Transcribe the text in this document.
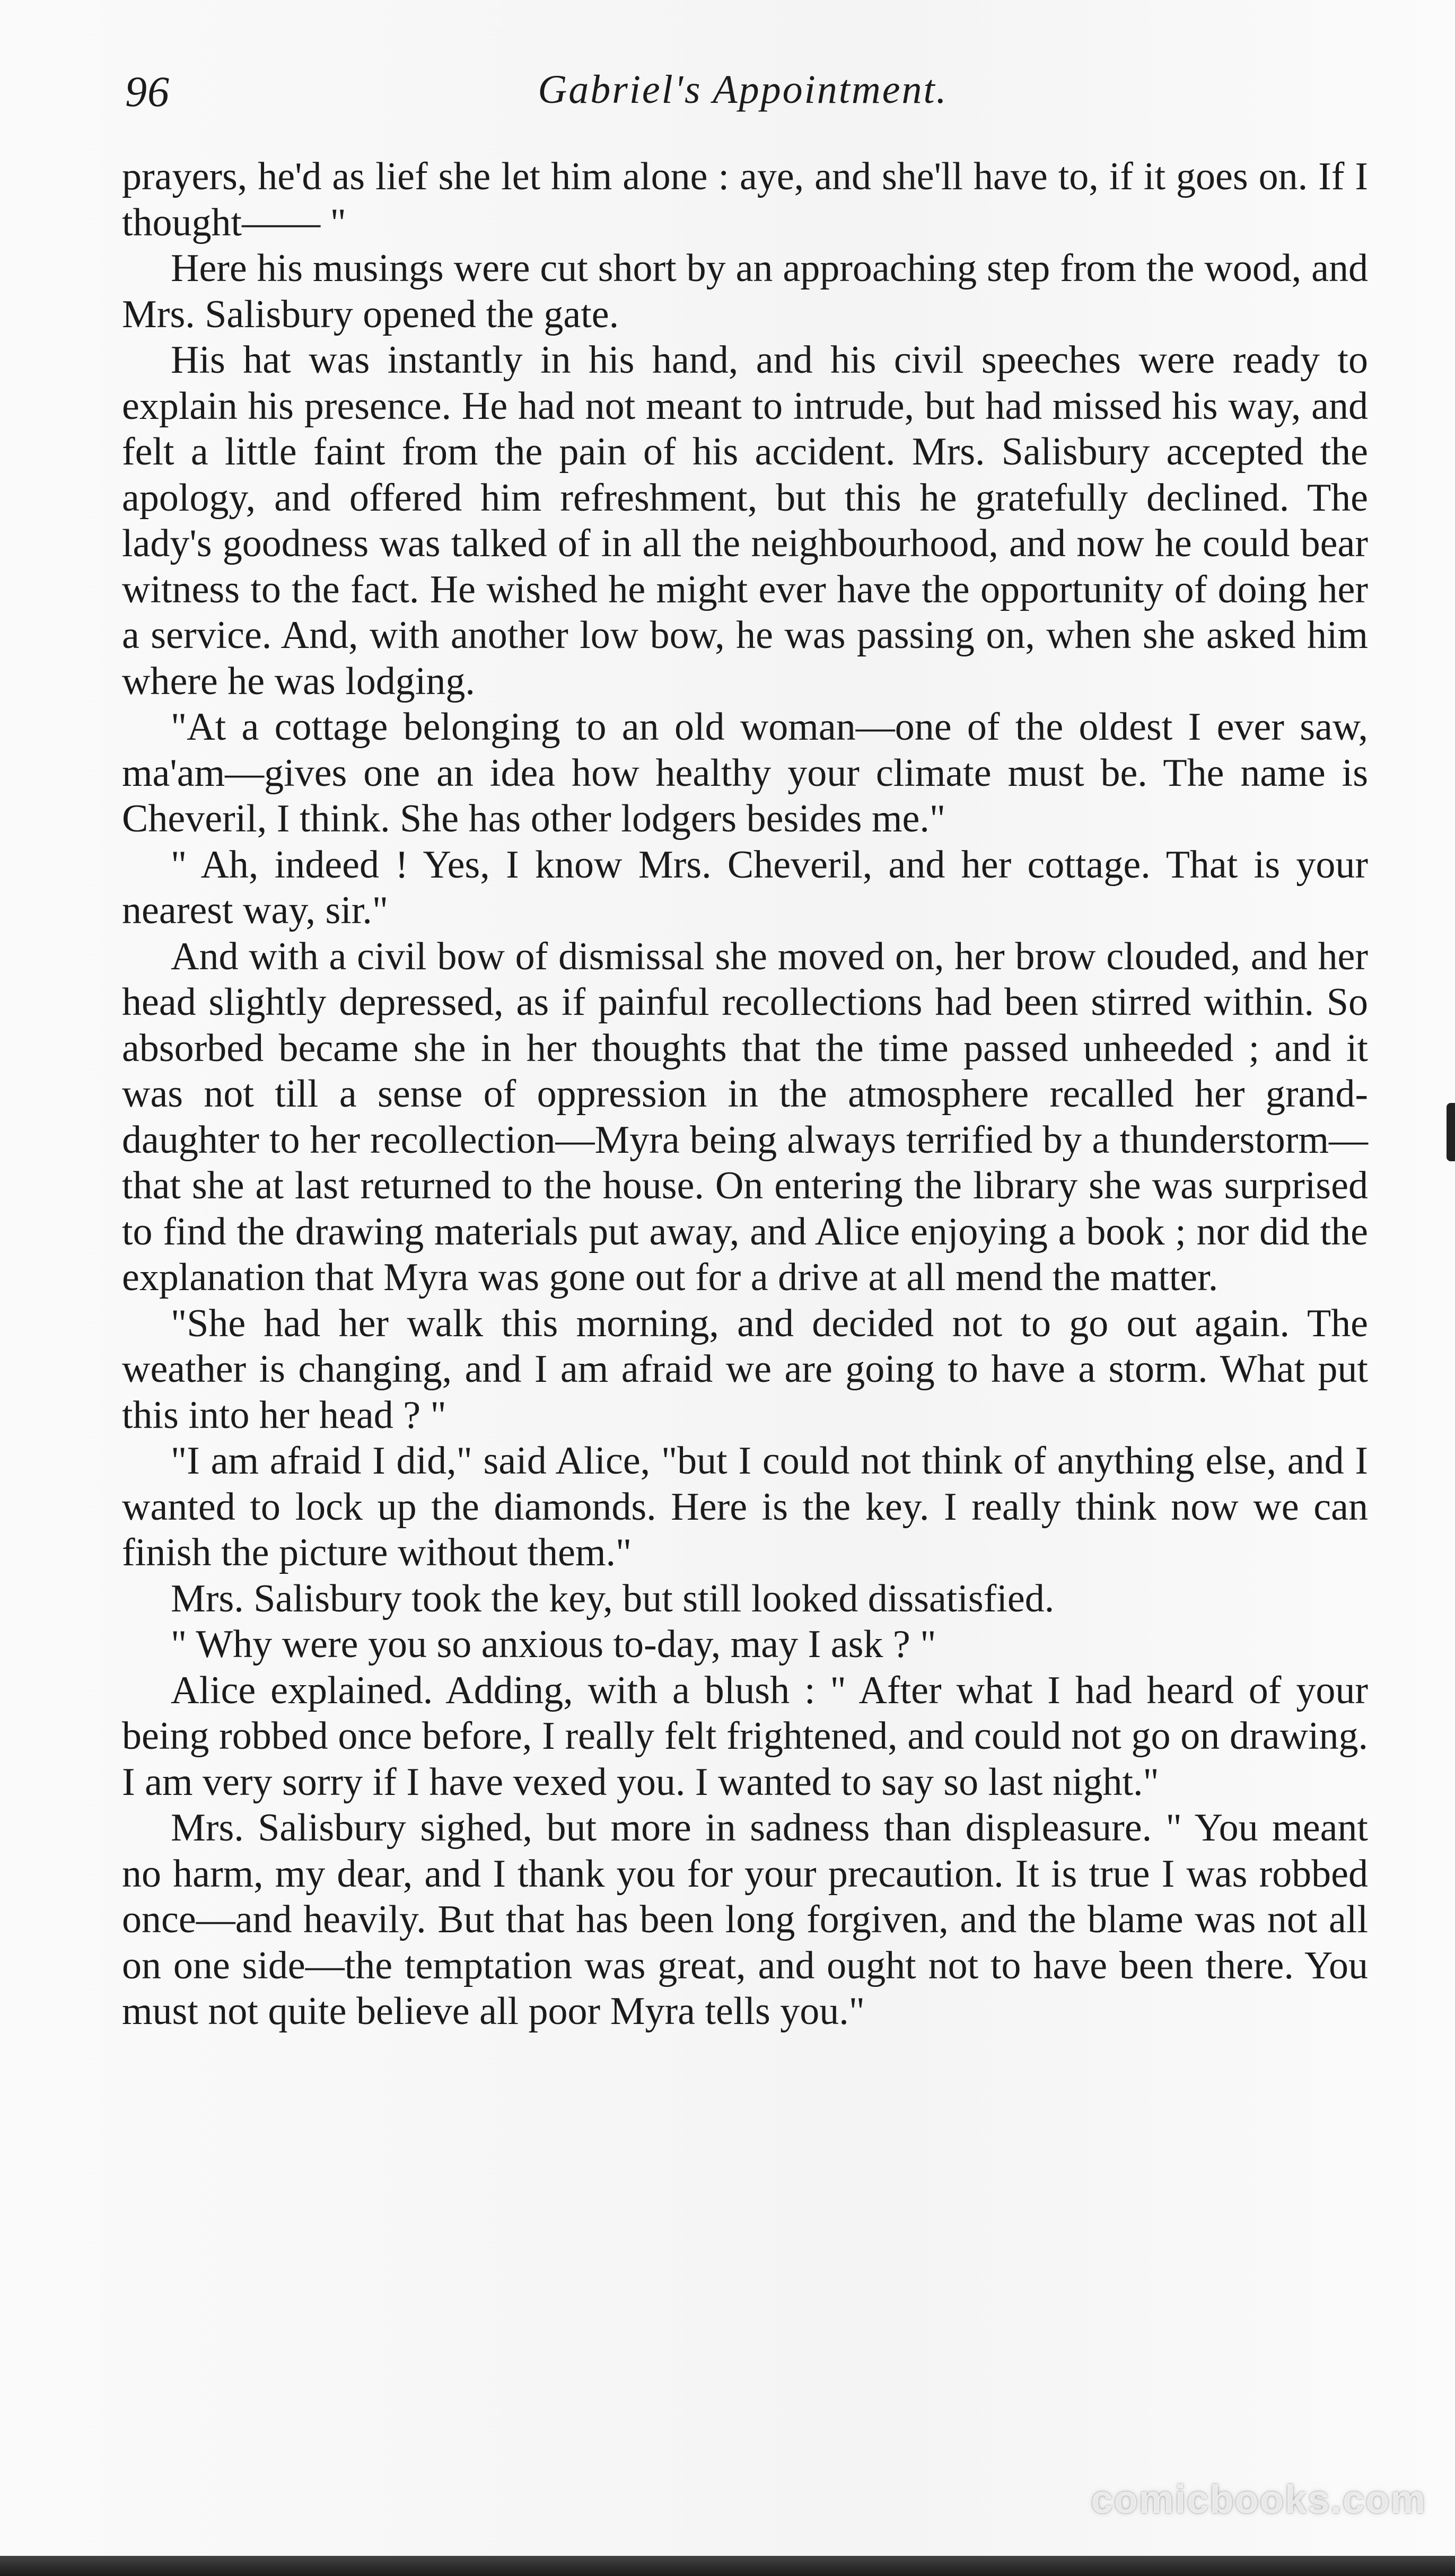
96	Gabriel's Appointment.

prayers, he'd as lief she let him alone : aye, and she'll have to, if it goes on. If I thought—— "

Here his musings were cut short by an approaching step from the wood, and Mrs. Salisbury opened the gate.

His hat was instantly in his hand, and his civil speeches were ready to explain his presence. He had not meant to intrude, but had missed his way, and felt a little faint from the pain of his accident. Mrs. Salisbury accepted the apology, and offered him refreshment, but this he gratefully declined. The lady's goodness was talked of in all the neighbourhood, and now he could bear witness to the fact. He wished he might ever have the opportunity of doing her a service. And, with another low bow, he was passing on, when she asked him where he was lodging.

"At a cottage belonging to an old woman—one of the oldest I ever saw, ma'am—gives one an idea how healthy your climate must be. The name is Cheveril, I think. She has other lodgers besides me."

" Ah, indeed ! Yes, I know Mrs. Cheveril, and her cottage. That is your nearest way, sir."

And with a civil bow of dismissal she moved on, her brow clouded, and her head slightly depressed, as if painful recollections had been stirred within. So absorbed became she in her thoughts that the time passed unheeded ; and it was not till a sense of oppression in the atmosphere recalled her grand-daughter to her recollection—Myra being always terrified by a thunderstorm—that she at last returned to the house. On entering the library she was surprised to find the drawing materials put away, and Alice enjoying a book ; nor did the explanation that Myra was gone out for a drive at all mend the matter.

"She had her walk this morning, and decided not to go out again. The weather is changing, and I am afraid we are going to have a storm. What put this into her head ? "

"I am afraid I did," said Alice, "but I could not think of anything else, and I wanted to lock up the diamonds. Here is the key. I really think now we can finish the picture without them."

Mrs. Salisbury took the key, but still looked dissatisfied.

" Why were you so anxious to-day, may I ask ? "

Alice explained. Adding, with a blush : " After what I had heard of your being robbed once before, I really felt frightened, and could not go on drawing. I am very sorry if I have vexed you. I wanted to say so last night."

Mrs. Salisbury sighed, but more in sadness than displeasure. " You meant no harm, my dear, and I thank you for your precaution. It is true I was robbed once—and heavily. But that has been long forgiven, and the blame was not all on one side—the temptation was great, and ought not to have been there. You must not quite believe all poor Myra tells you."

comicbooks.com
